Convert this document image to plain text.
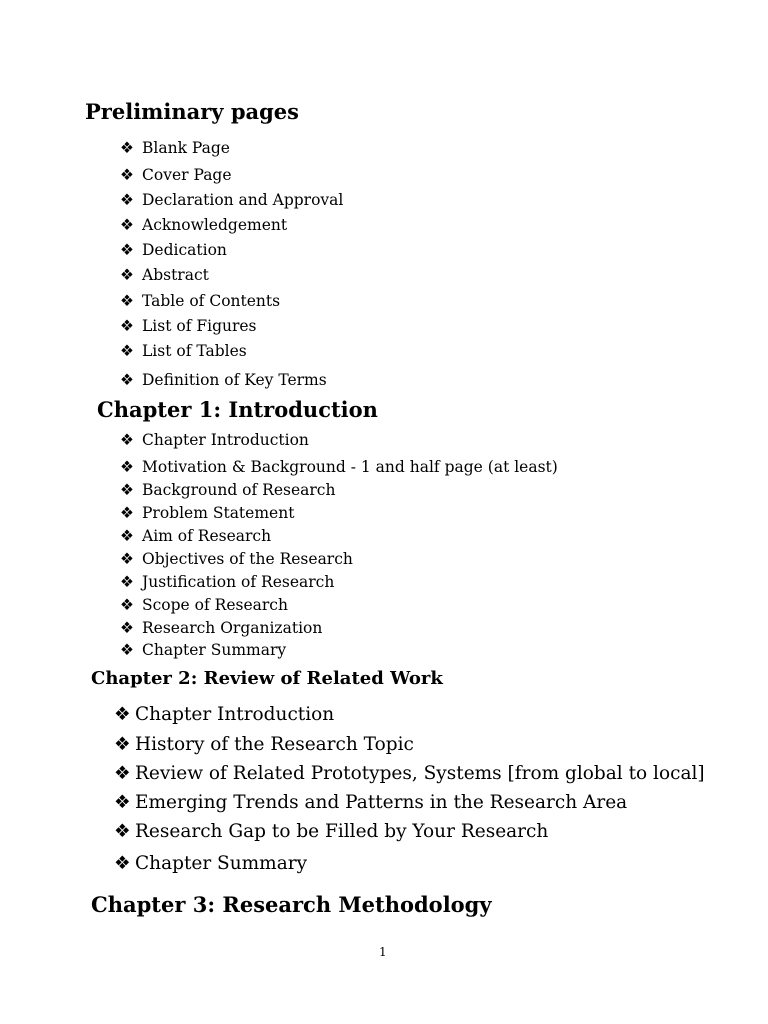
Preliminary pages
❖ Blank Page
❖ Cover Page
❖ Declaration and Approval
❖ Acknowledgement
❖ Dedication
❖ Abstract
❖ Table of Contents
❖ List of Figures
❖ List of Tables
❖ Definition of Key Terms
Chapter 1: Introduction
❖ Chapter Introduction
❖ Motivation & Background - 1 and half page (at least)
❖ Background of Research
❖ Problem Statement
❖ Aim of Research
❖ Objectives of the Research
❖ Justification of Research
❖ Scope of Research
❖ Research Organization
❖ Chapter Summary
Chapter 2: Review of Related Work
❖ Chapter Introduction
❖ History of the Research Topic
❖ Review of Related Prototypes, Systems [from global to local]
❖ Emerging Trends and Patterns in the Research Area
❖ Research Gap to be Filled by Your Research
❖ Chapter Summary
Chapter 3: Research Methodology
1
